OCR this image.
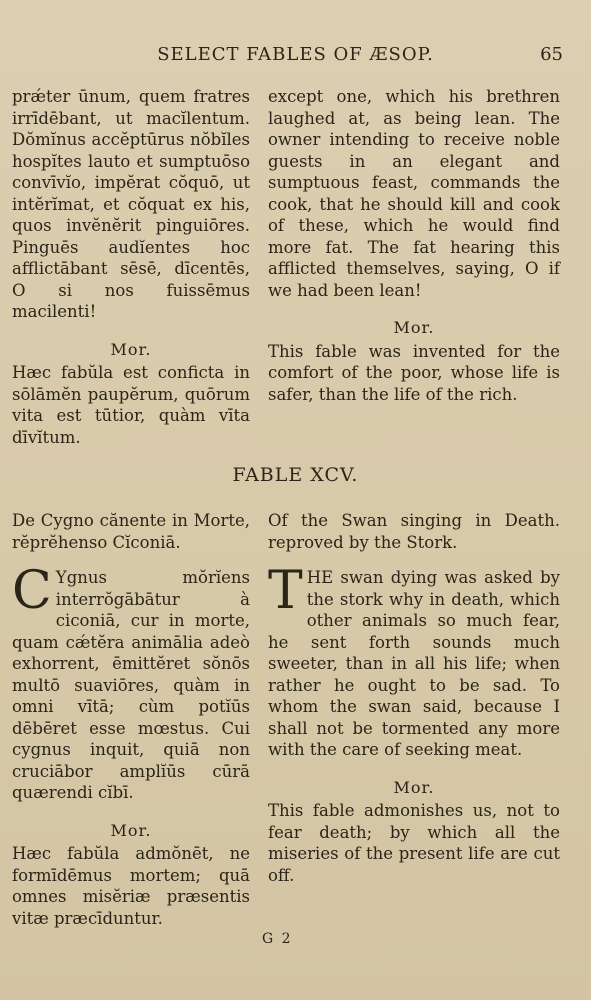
SELECT FABLES OF ÆSOP.	65

prǽter ūnum, quem fratres irrīdēbant, ut macĭlentum. Dŏmĭnus accĕptūrus nŏbĭles hospĭtes lauto et sumptuōso convīvĭo, impĕrat cŏquō, ut intĕrĭmat, et cŏquat ex his, quos invĕnĕrit pinguiōres. Pinguēs audĭentes hoc afflictābant sēsē, dīcentēs, O si nos fuissēmus macilenti!

Mor.

Hæc fabŭla est conficta in sōlāmĕn paupĕrum, quōrum vita est tūtior, quàm vīta dīvĭtum.

except one, which his brethren laughed at, as being lean. The owner intending to receive noble guests in an elegant and sumptuous feast, commands the cook, that he should kill and cook of these, which he would find more fat. The fat hearing this afflicted themselves, saying, O if we had been lean!

Mor.

This fable was invented for the comfort of the poor, whose life is safer, than the life of the rich.

FABLE XCV.

De Cygno cănente in Morte, rĕprĕhenso Cĭconiā.

C Ygnus mŏrĭens interrŏgābātur à ciconiā, cur in morte, quam cǽtĕra animālia adeò exhorrent, ēmittĕret sŏnōs multō suaviōres, quàm in omni vītā; cùm potĭūs dēbēret esse mœstus. Cui cygnus inquit, quiā non cruciābor amplĭūs cūrā quærendi cĭbī.

Mor.

Hæc fabŭla admŏnēt, ne formīdēmus mortem; quā omnes misĕriæ præsentis vitæ præcīduntur.

Of the Swan singing in Death. reproved by the Stork.

THE swan dying was asked by the stork why in death, which other animals so much fear, he sent forth sounds much sweeter, than in all his life; when rather he ought to be sad. To whom the swan said, because I shall not be tormented any more with the care of seeking meat.

Mor.

This fable admonishes us, not to fear death; by which all the miseries of the present life are cut off.

G 2
